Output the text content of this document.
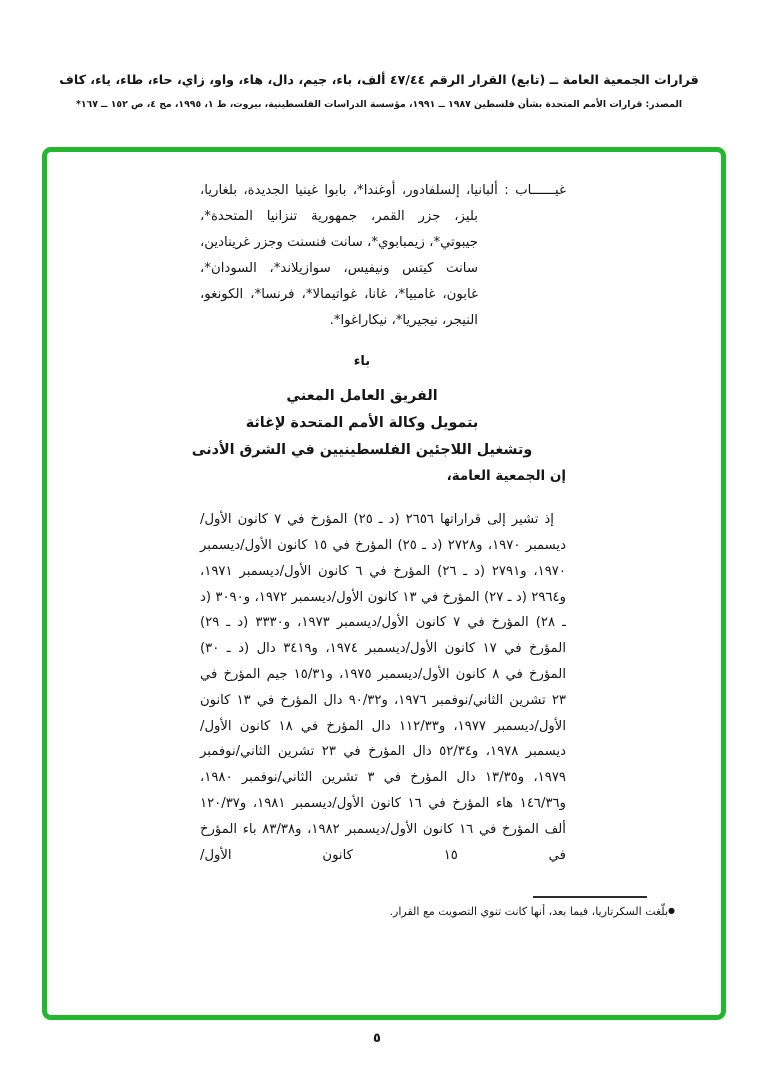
قرارات الجمعية العامة ــ (تابع) القرار الرقم ٤٧/٤٤ ألف، باء، جيم، دال، هاء، واو، زاي، حاء، طاء، ياء، كاف
المصدر: قرارات الأمم المتحدة بشأن فلسطين ١٩٨٧ ــ ١٩٩١، مؤسسة الدراسات الفلسطينية، بيروت، ط ١، ١٩٩٥، مج ٤، ص ١٥٢ ــ ١٦٧*

غيــــــاب : ألبانيا، إلسلفادور، أوغندا*، بابوا غينيا الجديدة، بلغاريا، بليز، جزر القمر، جمهورية تنزانيا المتحدة*، جيبوتي*، زيمبابوي*، سانت فنسنت وجزر غرينادين، سانت كيتس ونيفيس، سوازيلاند*، السودان*، غابون، غامبيا*، غانا، غواتيمالا*، فرنسا*، الكونغو، النيجر، نيجيريا*، نيكاراغوا*.

باء
الفريق العامل المعني
بتمويل وكالة الأمم المتحدة لإغاثة
وتشغيل اللاجئين الفلسطينيين في الشرق الأدنى
إن الجمعية العامة،

إذ تشير إلى قراراتها ٢٦٥٦ (د ـ ٢٥) المؤرخ في ٧ كانون الأول/ديسمبر ١٩٧٠، و٢٧٢٨ (د ـ ٢٥) المؤرخ في ١٥ كانون الأول/ديسمبر ١٩٧٠، و٢٧٩١ (د ـ ٢٦) المؤرخ في ٦ كانون الأول/ديسمبر ١٩٧١، و٢٩٦٤ (د ـ ٢٧) المؤرخ في ١٣ كانون الأول/ديسمبر ١٩٧٢، و٣٠٩٠ (د ـ ٢٨) المؤرخ في ٧ كانون الأول/ديسمبر ١٩٧٣، و٣٣٣٠ (د ـ ٢٩) المؤرخ في ١٧ كانون الأول/ديسمبر ١٩٧٤، و٣٤١٩ دال (د ـ ٣٠) المؤرخ في ٨ كانون الأول/ديسمبر ١٩٧٥، و١٥/٣١ جيم المؤرخ في ٢٣ تشرين الثاني/نوفمبر ١٩٧٦، و٩٠/٣٢ دال المؤرخ في ١٣ كانون الأول/ديسمبر ١٩٧٧، و١١٢/٣٣ دال المؤرخ في ١٨ كانون الأول/ديسمبر ١٩٧٨، و٥٢/٣٤ دال المؤرخ في ٢٣ تشرين الثاني/نوفمبر ١٩٧٩، و١٣/٣٥ دال المؤرخ في ٣ تشرين الثاني/نوفمبر ١٩٨٠، و١٤٦/٣٦ هاء المؤرخ في ١٦ كانون الأول/ديسمبر ١٩٨١، و١٢٠/٣٧ ألف المؤرخ في ١٦ كانون الأول/ديسمبر ١٩٨٢، و٨٣/٣٨ باء المؤرخ في ١٥ كانون الأول/

●بلّغت السكرتاريا، فيما بعد، أنها كانت تنوي التصويت مع القرار.
٥
